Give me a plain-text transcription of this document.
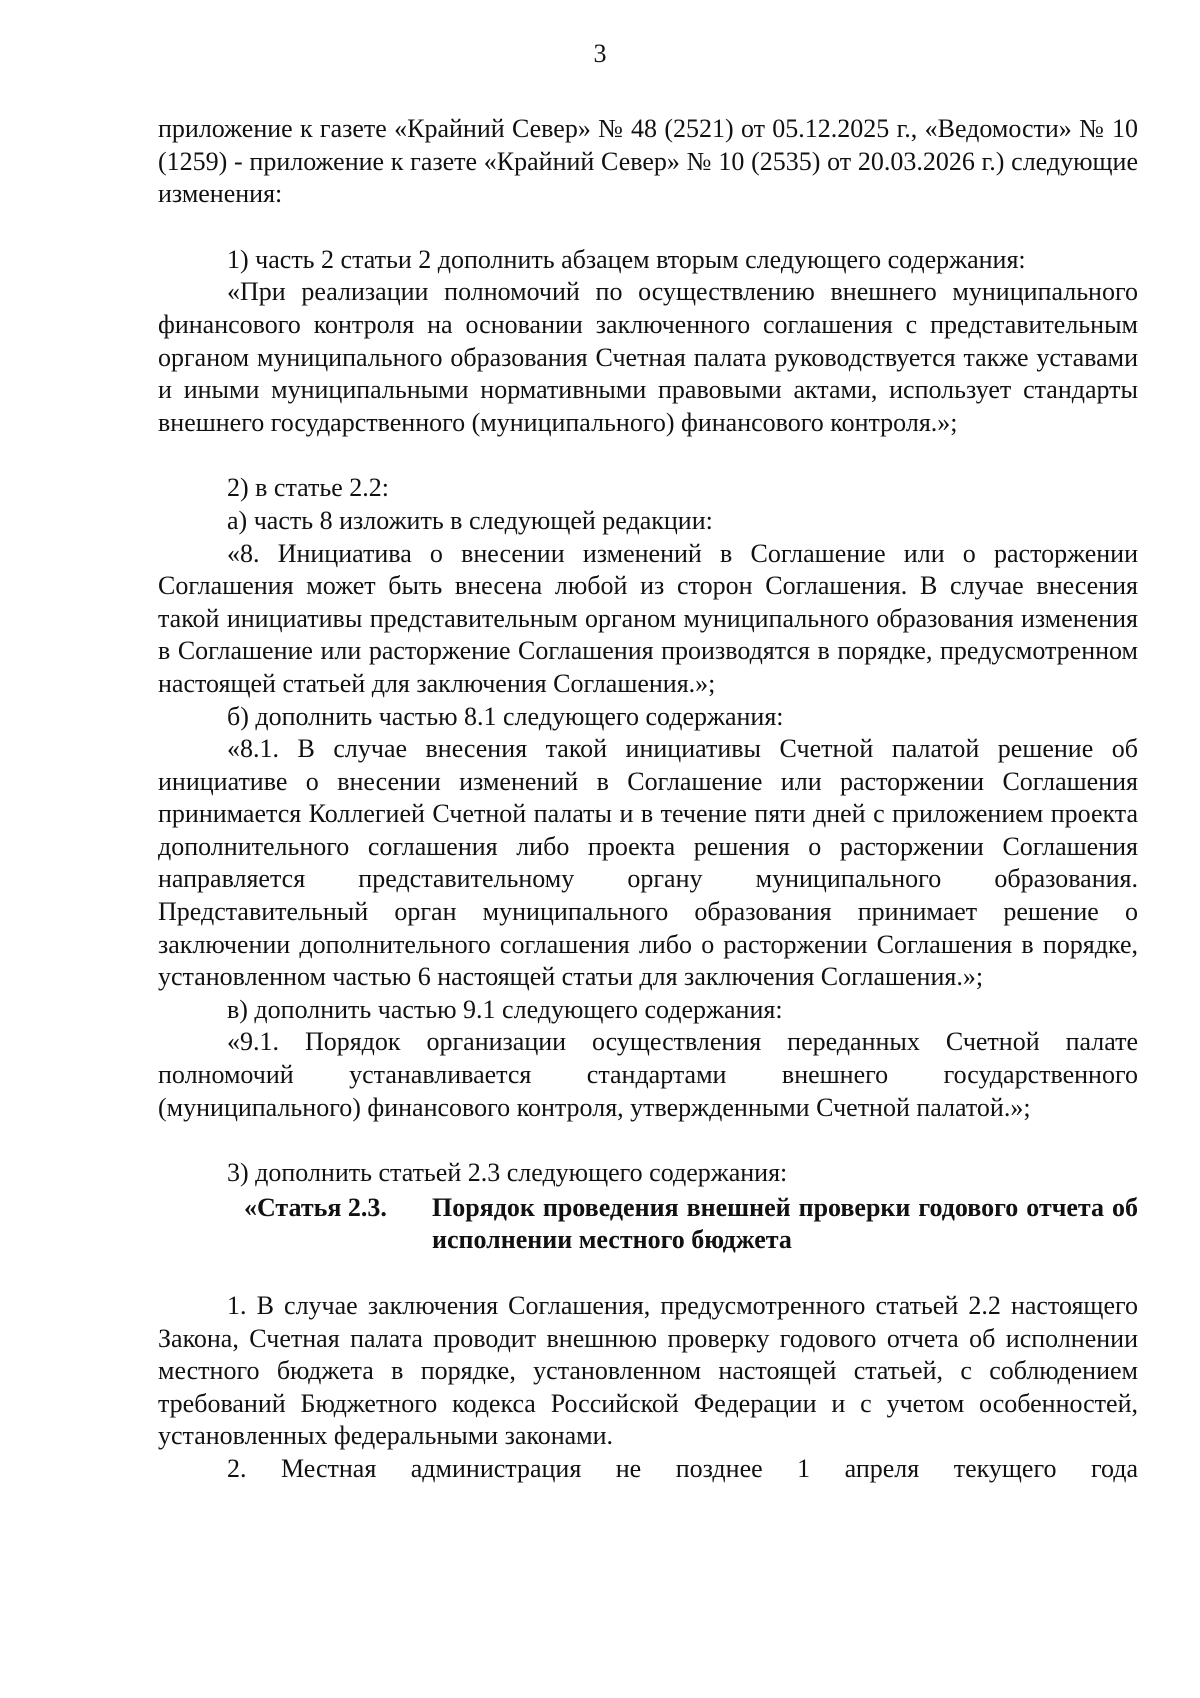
3

приложение к газете «Крайний Север» № 48 (2521) от 05.12.2025 г., «Ведомости» № 10 (1259) - приложение к газете «Крайний Север» № 10 (2535) от 20.03.2026 г.) следующие изменения:

1) часть 2 статьи 2 дополнить абзацем вторым следующего содержания:

«При реализации полномочий по осуществлению внешнего муниципального финансового контроля на основании заключенного соглашения с представительным органом муниципального образования Счетная палата руководствуется также уставами и иными муниципальными нормативными правовыми актами, использует стандарты внешнего государственного (муниципального) финансового контроля.»;

2) в статье 2.2:

а) часть 8 изложить в следующей редакции:

«8. Инициатива о внесении изменений в Соглашение или о расторжении Соглашения может быть внесена любой из сторон Соглашения. В случае внесения такой инициативы представительным органом муниципального образования изменения в Соглашение или расторжение Соглашения производятся в порядке, предусмотренном настоящей статьей для заключения Соглашения.»;

б) дополнить частью 8.1 следующего содержания:

«8.1. В случае внесения такой инициативы Счетной палатой решение об инициативе о внесении изменений в Соглашение или расторжении Соглашения принимается Коллегией Счетной палаты и в течение пяти дней с приложением проекта дополнительного соглашения либо проекта решения о расторжении Соглашения направляется представительному органу муниципального образования. Представительный орган муниципального образования принимает решение о заключении дополнительного соглашения либо о расторжении Соглашения в порядке, установленном частью 6 настоящей статьи для заключения Соглашения.»;

в) дополнить частью 9.1 следующего содержания:

«9.1. Порядок организации осуществления переданных Счетной палате полномочий устанавливается стандартами внешнего государственного (муниципального) финансового контроля, утвержденными Счетной палатой.»;

3) дополнить статьей 2.3 следующего содержания:

«Статья 2.3.	Порядок проведения внешней проверки годового отчета об исполнении местного бюджета

1. В случае заключения Соглашения, предусмотренного статьей 2.2 настоящего Закона, Счетная палата проводит внешнюю проверку годового отчета об исполнении местного бюджета в порядке, установленном настоящей статьей, с соблюдением требований Бюджетного кодекса Российской Федерации и с учетом особенностей, установленных федеральными законами.

2. Местная администрация не позднее 1 апреля текущего года
